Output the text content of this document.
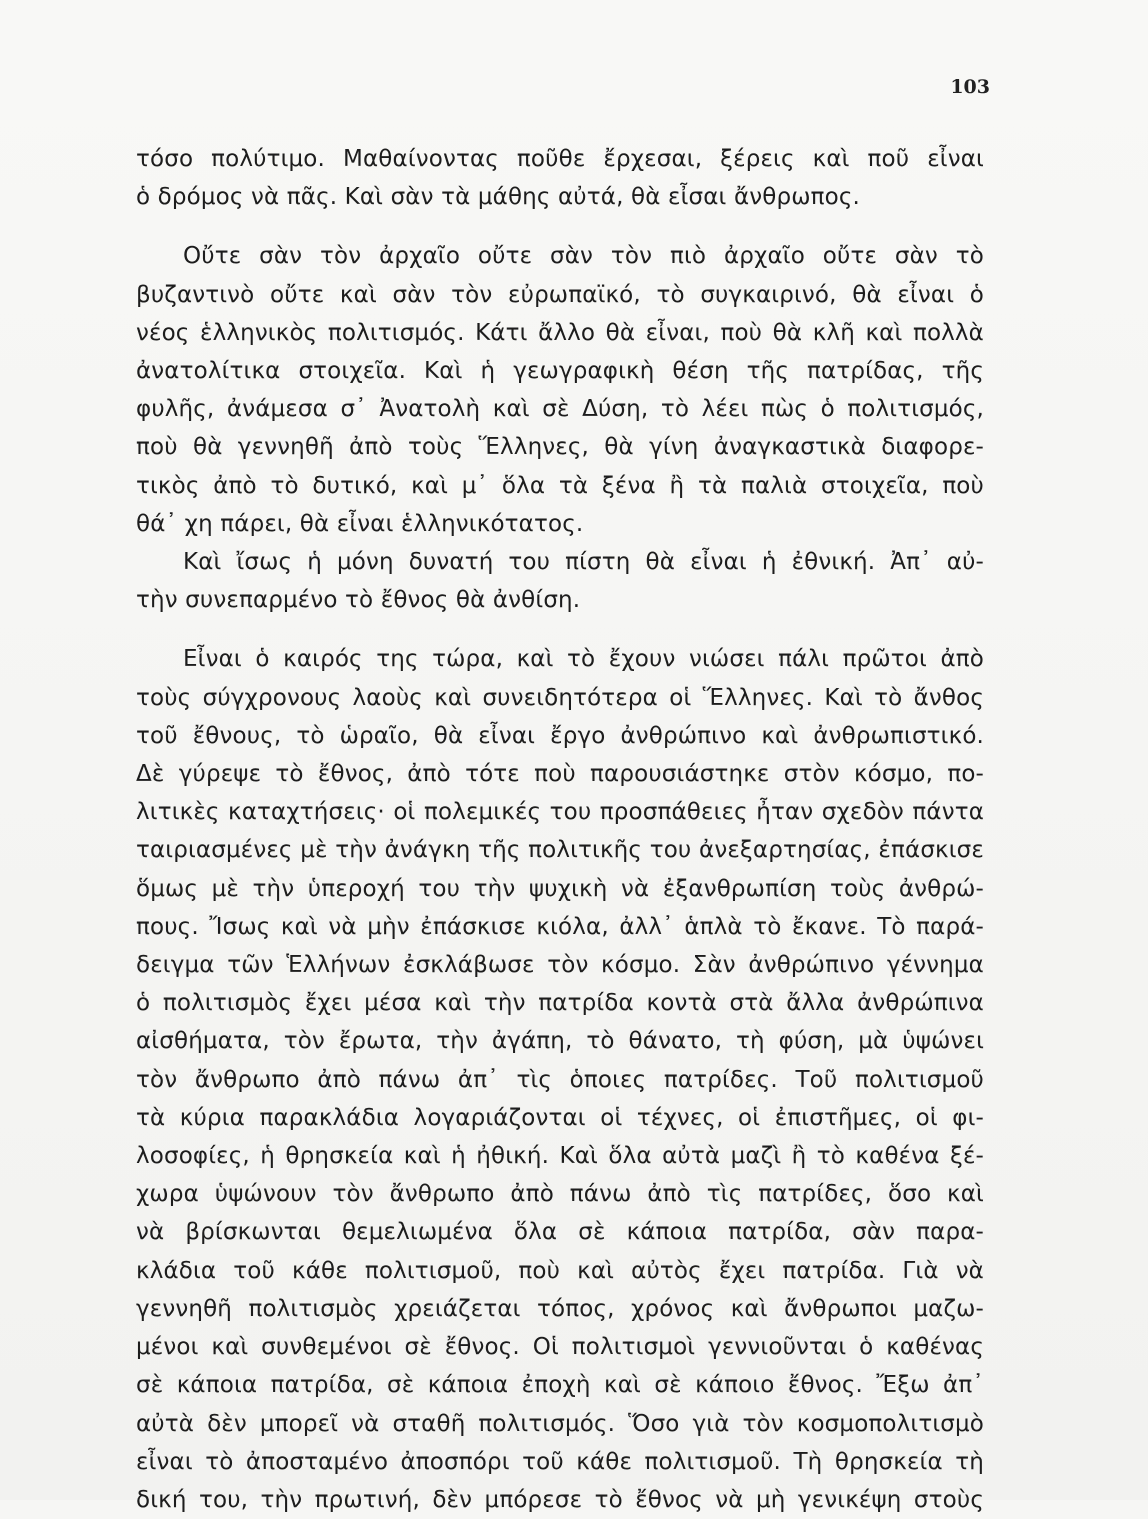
103
τόσο πολύτιμο. Μαθαίνοντας ποῦθε ἔρχεσαι, ξέρεις καὶ ποῦ εἶναι
ὁ δρόμος νὰ πᾶς. Καὶ σὰν τὰ μάθης αὐτά, θὰ εἶσαι ἄνθρωπος.
Οὔτε σὰν τὸν ἀρχαῖο οὔτε σὰν τὸν πιὸ ἀρχαῖο οὔτε σὰν τὸ
βυζαντινὸ οὔτε καὶ σὰν τὸν εὐρωπαϊκό, τὸ συγκαιρινό, θὰ εἶναι ὁ
νέος ἑλληνικὸς πολιτισμός. Κάτι ἄλλο θὰ εἶναι, ποὺ θὰ κλῆ καὶ πολλὰ
ἀνατολίτικα στοιχεῖα. Καὶ ἡ γεωγραφικὴ θέση τῆς πατρίδας, τῆς
φυλῆς, ἀνάμεσα σ᾿ Ἀνατολὴ καὶ σὲ Δύση, τὸ λέει πὼς ὁ πολιτισμός,
ποὺ θὰ γεννηθῆ ἀπὸ τοὺς Ἕλληνες, θὰ γίνη ἀναγκαστικὰ διαφορε-
τικὸς ἀπὸ τὸ δυτικό, καὶ μ᾿ ὅλα τὰ ξένα ἢ τὰ παλιὰ στοιχεῖα, ποὺ
θά᾿ χη πάρει, θὰ εἶναι ἑλληνικότατος.
Καὶ ἴσως ἡ μόνη δυνατή του πίστη θὰ εἶναι ἡ ἐθνική. Ἀπ᾿ αὐ-
τὴν συνεπαρμένο τὸ ἔθνος θὰ ἀνθίση.
Εἶναι ὁ καιρός της τώρα, καὶ τὸ ἔχουν νιώσει πάλι πρῶτοι ἀπὸ
τοὺς σύγχρονους λαοὺς καὶ συνειδητότερα οἱ Ἕλληνες. Καὶ τὸ ἄνθος
τοῦ ἔθνους, τὸ ὡραῖο, θὰ εἶναι ἔργο ἀνθρώπινο καὶ ἀνθρωπιστικό.
Δὲ γύρεψε τὸ ἔθνος, ἀπὸ τότε ποὺ παρουσιάστηκε στὸν κόσμο, πο-
λιτικὲς καταχτήσεις· οἱ πολεμικές του προσπάθειες ἦταν σχεδὸν πάντα
ταιριασμένες μὲ τὴν ἀνάγκη τῆς πολιτικῆς του ἀνεξαρτησίας, ἐπάσκισε
ὅμως μὲ τὴν ὑπεροχή του τὴν ψυχικὴ νὰ ἐξανθρωπίση τοὺς ἀνθρώ-
πους. Ἴσως καὶ νὰ μὴν ἐπάσκισε κιόλα, ἀλλ᾿ ἁπλὰ τὸ ἔκανε. Τὸ παρά-
δειγμα τῶν Ἑλλήνων ἐσκλάβωσε τὸν κόσμο. Σὰν ἀνθρώπινο γέννημα
ὁ πολιτισμὸς ἔχει μέσα καὶ τὴν πατρίδα κοντὰ στὰ ἄλλα ἀνθρώπινα
αἰσθήματα, τὸν ἔρωτα, τὴν ἀγάπη, τὸ θάνατο, τὴ φύση, μὰ ὑψώνει
τὸν ἄνθρωπο ἀπὸ πάνω ἀπ᾿ τὶς ὁποιες πατρίδες. Τοῦ πολιτισμοῦ
τὰ κύρια παρακλάδια λογαριάζονται οἱ τέχνες, οἱ ἐπιστῆμες, οἱ φι-
λοσοφίες, ἡ θρησκεία καὶ ἡ ἠθική. Καὶ ὅλα αὐτὰ μαζὶ ἢ τὸ καθένα ξέ-
χωρα ὑψώνουν τὸν ἄνθρωπο ἀπὸ πάνω ἀπὸ τὶς πατρίδες, ὅσο καὶ
νὰ βρίσκωνται θεμελιωμένα ὅλα σὲ κάποια πατρίδα, σὰν παρα-
κλάδια τοῦ κάθε πολιτισμοῦ, ποὺ καὶ αὐτὸς ἔχει πατρίδα. Γιὰ νὰ
γεννηθῆ πολιτισμὸς χρειάζεται τόπος, χρόνος καὶ ἄνθρωποι μαζω-
μένοι καὶ συνθεμένοι σὲ ἔθνος. Οἱ πολιτισμοὶ γεννιοῦνται ὁ καθένας
σὲ κάποια πατρίδα, σὲ κάποια ἐποχὴ καὶ σὲ κάποιο ἔθνος. Ἔξω ἀπ᾿
αὐτὰ δὲν μπορεῖ νὰ σταθῆ πολιτισμός. Ὅσο γιὰ τὸν κοσμοπολιτισμὸ
εἶναι τὸ ἀποσταμένο ἀποσπόρι τοῦ κάθε πολιτισμοῦ. Τὴ θρησκεία τὴ
δική του, τὴν πρωτινή, δὲν μπόρεσε τὸ ἔθνος νὰ μὴ γενικέψη στοὺς
